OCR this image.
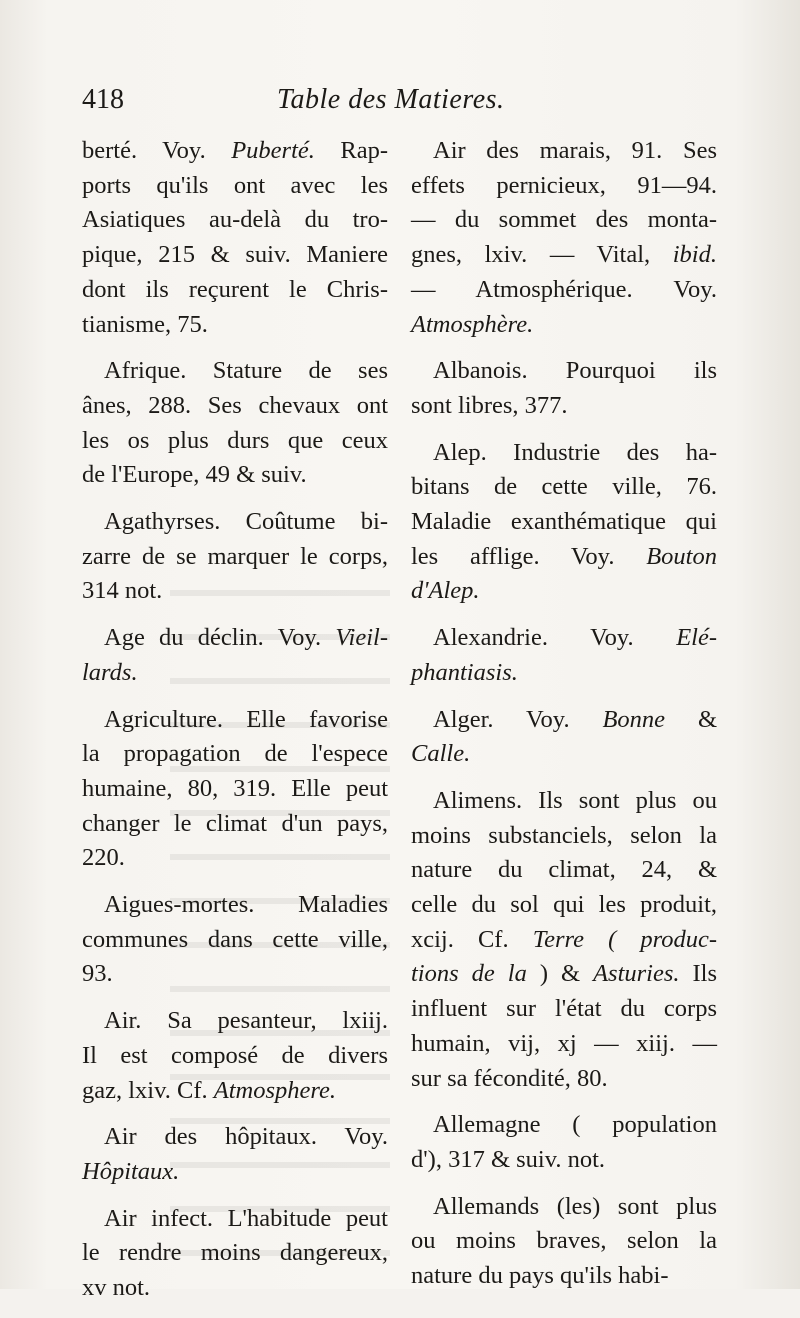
418	Table des Matieres.
berté. Voy. Puberté. Rap-
ports qu'ils ont avec les
Asiatiques au-delà du tro-
pique, 215 & suiv. Maniere
dont ils reçurent le Chris-
tianisme, 75.
Afrique. Stature de ses
ânes, 288. Ses chevaux ont
les os plus durs que ceux
de l'Europe, 49 & suiv.
Agathyrses. Coûtume bi-
zarre de se marquer le corps,
314 not.
Age du déclin. Voy. Vieil-
lards.
Agriculture. Elle favorise
la propagation de l'espece
humaine, 80, 319. Elle peut
changer le climat d'un pays,
220.
Aigues-mortes. Maladies
communes dans cette ville,
93.
Air. Sa pesanteur, lxiij.
Il est composé de divers
gaz, lxiv. Cf. Atmosphere.
Air des hôpitaux. Voy.
Hôpitaux.
Air infect. L'habitude peut
le rendre moins dangereux,
xv not.
Air des marais, 91. Ses
effets pernicieux, 91—94.
— du sommet des monta-
gnes, lxiv. — Vital, ibid.
— Atmosphérique. Voy.
Atmosphère.
Albanois. Pourquoi ils
sont libres, 377.
Alep. Industrie des ha-
bitans de cette ville, 76.
Maladie exanthématique qui
les afflige. Voy. Bouton
d'Alep.
Alexandrie. Voy. Elé-
phantiasis.
Alger. Voy. Bonne &
Calle.
Alimens. Ils sont plus ou
moins substanciels, selon la
nature du climat, 24, &
celle du sol qui les produit,
xcij. Cf. Terre ( produc-
tions de la ) & Asturies. Ils
influent sur l'état du corps
humain, vij, xj — xiij. —
sur sa fécondité, 80.
Allemagne ( population
d'), 317 & suiv. not.
Allemands (les) sont plus
ou moins braves, selon la
nature du pays qu'ils habi-
